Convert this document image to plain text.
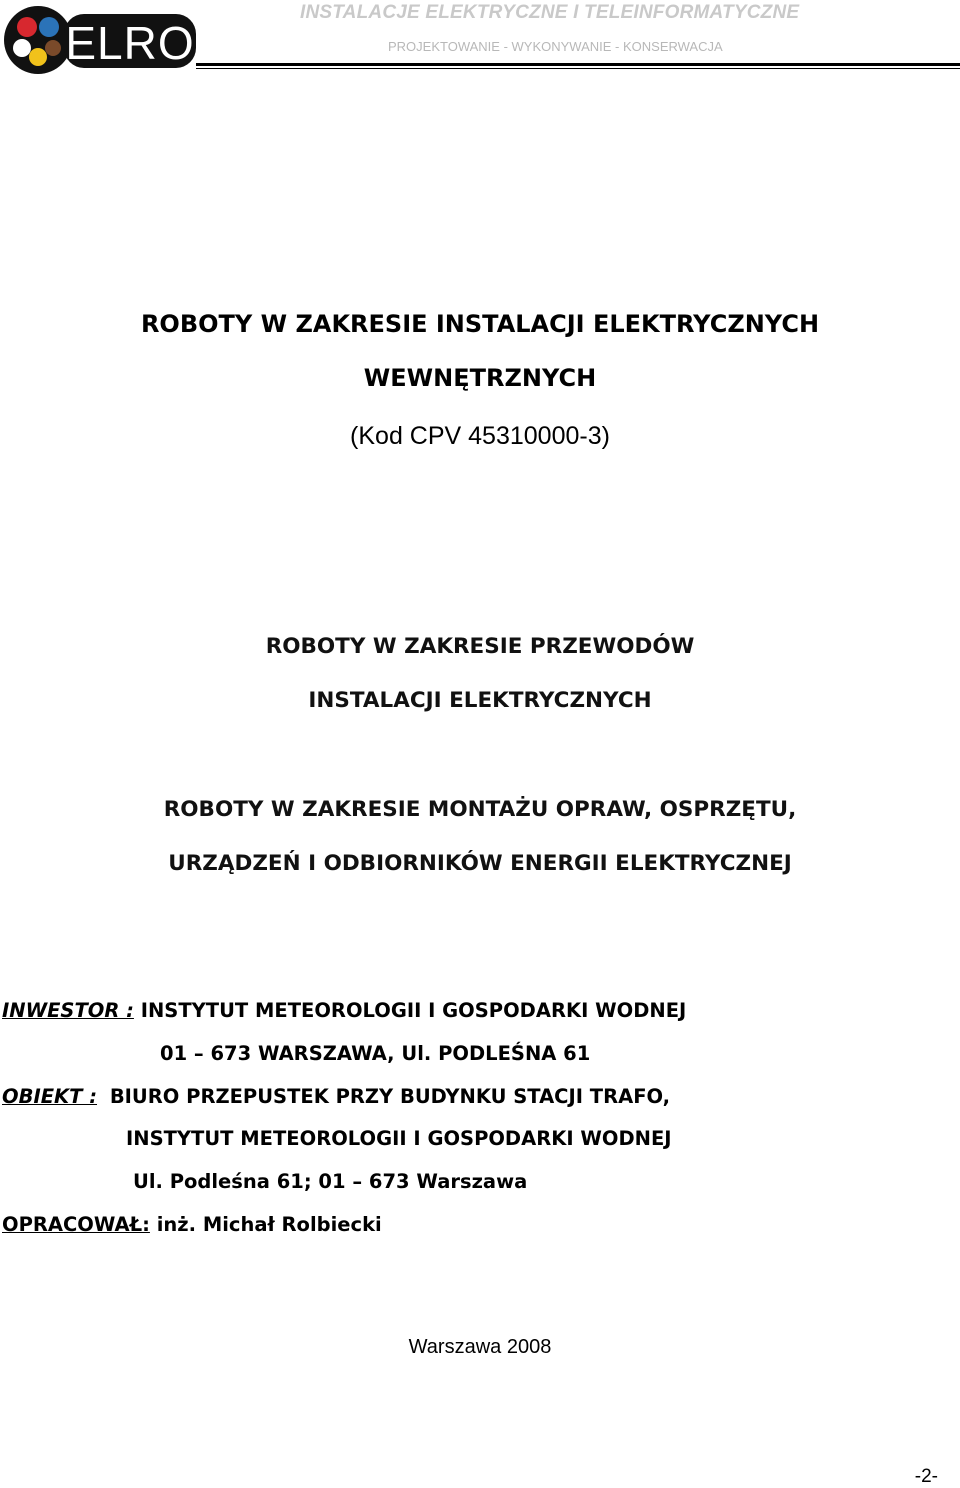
ELRO
INSTALACJE ELEKTRYCZNE I TELEINFORMATYCZNE
PROJEKTOWANIE - WYKONYWANIE - KONSERWACJA
ROBOTY W ZAKRESIE INSTALACJI ELEKTRYCZNYCH
WEWNĘTRZNYCH
(Kod CPV 45310000-3)
ROBOTY W ZAKRESIE PRZEWODÓW
INSTALACJI ELEKTRYCZNYCH
ROBOTY W ZAKRESIE MONTAŻU OPRAW, OSPRZĘTU,
URZĄDZEŃ I ODBIORNIKÓW ENERGII ELEKTRYCZNEJ
INWESTOR : INSTYTUT METEOROLOGII I GOSPODARKI WODNEJ
01 – 673 WARSZAWA, Ul. PODLEŚNA 61
OBIEKT : BIURO PRZEPUSTEK PRZY BUDYNKU STACJI TRAFO,
INSTYTUT METEOROLOGII I GOSPODARKI WODNEJ
Ul. Podleśna 61; 01 – 673 Warszawa
OPRACOWAŁ: inż. Michał Rolbiecki
Warszawa 2008
-2-
